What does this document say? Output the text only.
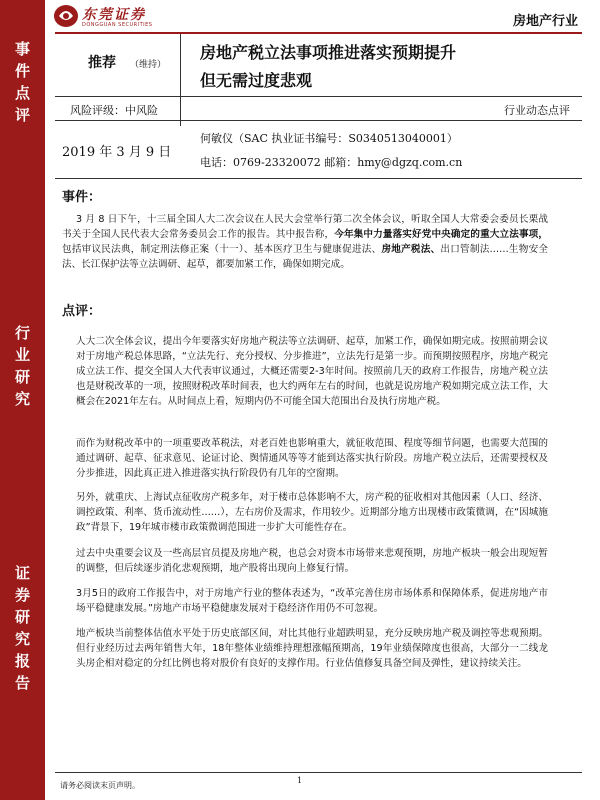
事件点评
行业研究
证券研究报告
东莞证券
DONGGUAN SECURITIES	房地产行业
推荐 （维持）
房地产税立法事项推进落实预期提升
但无需过度悲观
风险评级：中风险	行业动态点评
2019 年 3 月 9 日
何敏仪（SAC 执业证书编号：S0340513040001）
电话：0769-23320072 邮箱：hmy@dgzq.com.cn
事件：

3 月 8 日下午，十三届全国人大二次会议在人民大会堂举行第二次全体会议，听取全国人大常委会委员长栗战书关于全国人民代表大会常务委员会工作的报告。其中报告称，今年集中力量落实好党中央确定的重大立法事项，包括审议民法典，制定刑法修正案（十一）、基本医疗卫生与健康促进法、房地产税法、出口管制法……生物安全法、长江保护法等立法调研、起草，都要加紧工作，确保如期完成。

点评：

人大二次全体会议，提出今年要落实好房地产税法等立法调研、起草，加紧工作，确保如期完成。按照前期会议对于房地产税总体思路，“立法先行、充分授权、分步推进”，立法先行是第一步。而预期按照程序，房地产税完成立法工作、提交全国人大代表审议通过，大概还需要2-3年时间。按照前几天的政府工作报告，房地产税立法也是财税改革的一项，按照财税改革时间表，也大约两年左右的时间，也就是说房地产税如期完成立法工作，大概会在2021年左右。从时间点上看，短期内仍不可能全国大范围出台及执行房地产税。

而作为财税改革中的一项重要改革税法，对老百姓也影响重大，就征收范围、程度等细节问题，也需要大范围的通过调研、起草、征求意见、论证讨论、舆情通风等等才能到达落实执行阶段。房地产税立法后，还需要授权及分步推进，因此真正进入推进落实执行阶段仍有几年的空窗期。

另外，就重庆、上海试点征收房产税多年，对于楼市总体影响不大，房产税的征收相对其他因素（人口、经济、调控政策、利率、货币流动性……），左右房价及需求，作用较少。近期部分地方出现楼市政策微调，在“因城施政”背景下，19年城市楼市政策微调范围进一步扩大可能性存在。

过去中央重要会议及一些高层官员提及房地产税，也总会对资本市场带来悲观预期，房地产板块一般会出现短暂的调整，但后续逐步消化悲观预期，地产股将出现向上修复行情。

3月5日的政府工作报告中，对于房地产行业的整体表述为，“改革完善住房市场体系和保障体系，促进房地产市场平稳健康发展。”房地产市场平稳健康发展对于稳经济作用仍不可忽视。

地产板块当前整体估值水平处于历史底部区间，对比其他行业超跌明显，充分反映房地产税及调控等悲观预期。但行业经历过去两年销售大年，18年整体业绩维持理想涨幅预期高，19年业绩保障度也很高，大部分一二线龙头房企相对稳定的分红比例也将对股价有良好的支撑作用。行业估值修复具备空间及弹性，建议持续关注。

请务必阅读末页声明。
1
